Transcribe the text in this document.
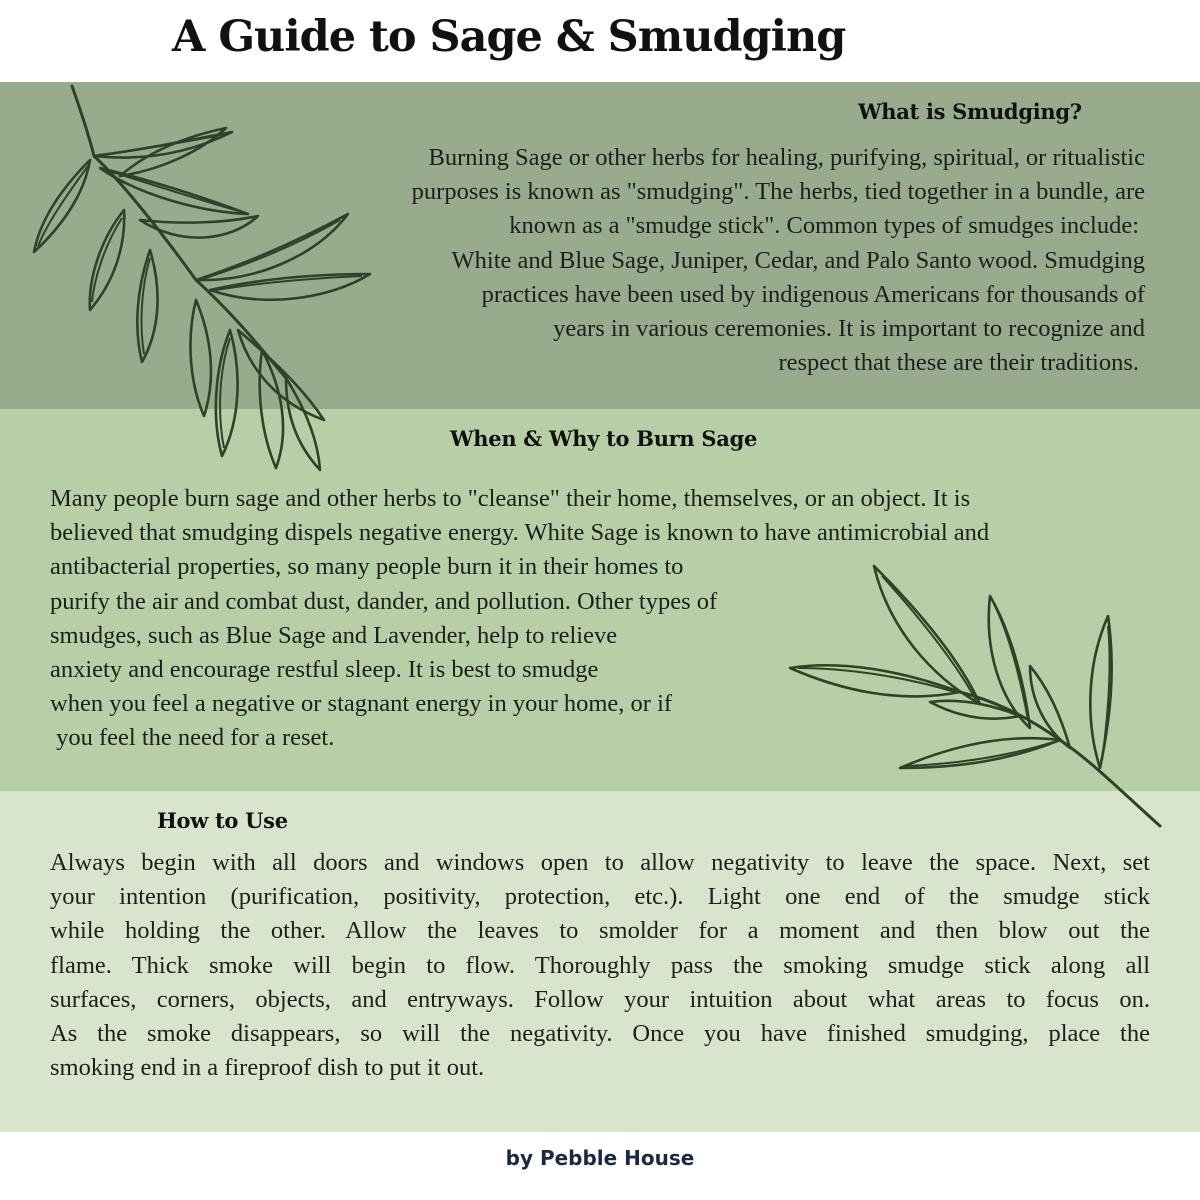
A Guide to Sage & Smudging
What is Smudging?
Burning Sage or other herbs for healing, purifying, spiritual, or ritualistic
purposes is known as "smudging". The herbs, tied together in a bundle, are
known as a "smudge stick". Common types of smudges include:
White and Blue Sage, Juniper, Cedar, and Palo Santo wood. Smudging
practices have been used by indigenous Americans for thousands of
years in various ceremonies. It is important to recognize and
respect that these are their traditions.
When & Why to Burn Sage
Many people burn sage and other herbs to "cleanse" their home, themselves, or an object. It is
believed that smudging dispels negative energy. White Sage is known to have antimicrobial and
antibacterial properties, so many people burn it in their homes to
purify the air and combat dust, dander, and pollution. Other types of
smudges, such as Blue Sage and Lavender, help to relieve
anxiety and encourage restful sleep. It is best to smudge
when you feel a negative or stagnant energy in your home, or if
you feel the need for a reset.
How to Use
Always begin with all doors and windows open to allow negativity to leave the space. Next, set
your intention (purification, positivity, protection, etc.). Light one end of the smudge stick
while holding the other. Allow the leaves to smolder for a moment and then blow out the
flame. Thick smoke will begin to flow. Thoroughly pass the smoking smudge stick along all
surfaces, corners, objects, and entryways. Follow your intuition about what areas to focus on.
As the smoke disappears, so will the negativity. Once you have finished smudging, place the
smoking end in a fireproof dish to put it out.
by Pebble House
